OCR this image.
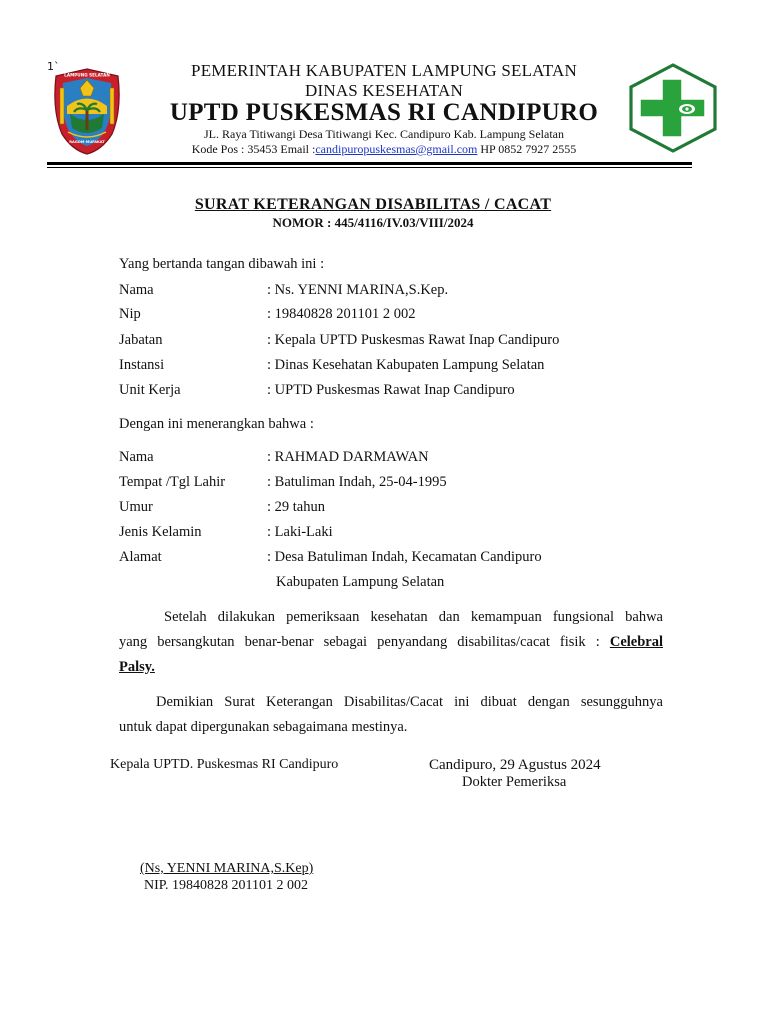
1`
LAMPUNG SELATAN
RAGOM MUFAKAT
PEMERINTAH KABUPATEN LAMPUNG SELATAN
DINAS KESEHATAN
UPTD PUSKESMAS RI CANDIPURO
JL. Raya Titiwangi Desa Titiwangi Kec. Candipuro Kab. Lampung Selatan
Kode Pos : 35453 Email :candipuropuskesmas@gmail.com HP 0852 7927 2555
SURAT KETERANGAN DISABILITAS / CACAT
NOMOR : 445/4116/IV.03/VIII/2024
Yang bertanda tangan dibawah ini :
Nama	: Ns. YENNI MARINA,S.Kep.
Nip	: 19840828 201101 2 002
Jabatan	: Kepala UPTD Puskesmas Rawat Inap Candipuro
Instansi	: Dinas Kesehatan Kabupaten Lampung Selatan
Unit Kerja	: UPTD Puskesmas Rawat Inap Candipuro
Dengan ini menerangkan bahwa :
Nama	: RAHMAD DARMAWAN
Tempat /Tgl Lahir	: Batuliman Indah, 25-04-1995
Umur	: 29 tahun
Jenis Kelamin	: Laki-Laki
Alamat	: Desa Batuliman Indah, Kecamatan Candipuro
Kabupaten Lampung Selatan
Setelah dilakukan pemeriksaan kesehatan dan kemampuan fungsional bahwa
yang bersangkutan benar-benar sebagai penyandang disabilitas/cacat fisik : Celebral
Palsy.
Demikian Surat Keterangan Disabilitas/Cacat ini dibuat dengan sesungguhnya
untuk dapat dipergunakan sebagaimana mestinya.
Kepala UPTD. Puskesmas RI Candipuro	Candipuro, 29 Agustus 2024
Dokter Pemeriksa
(Ns, YENNI MARINA,S.Kep)
NIP. 19840828 201101 2 002
